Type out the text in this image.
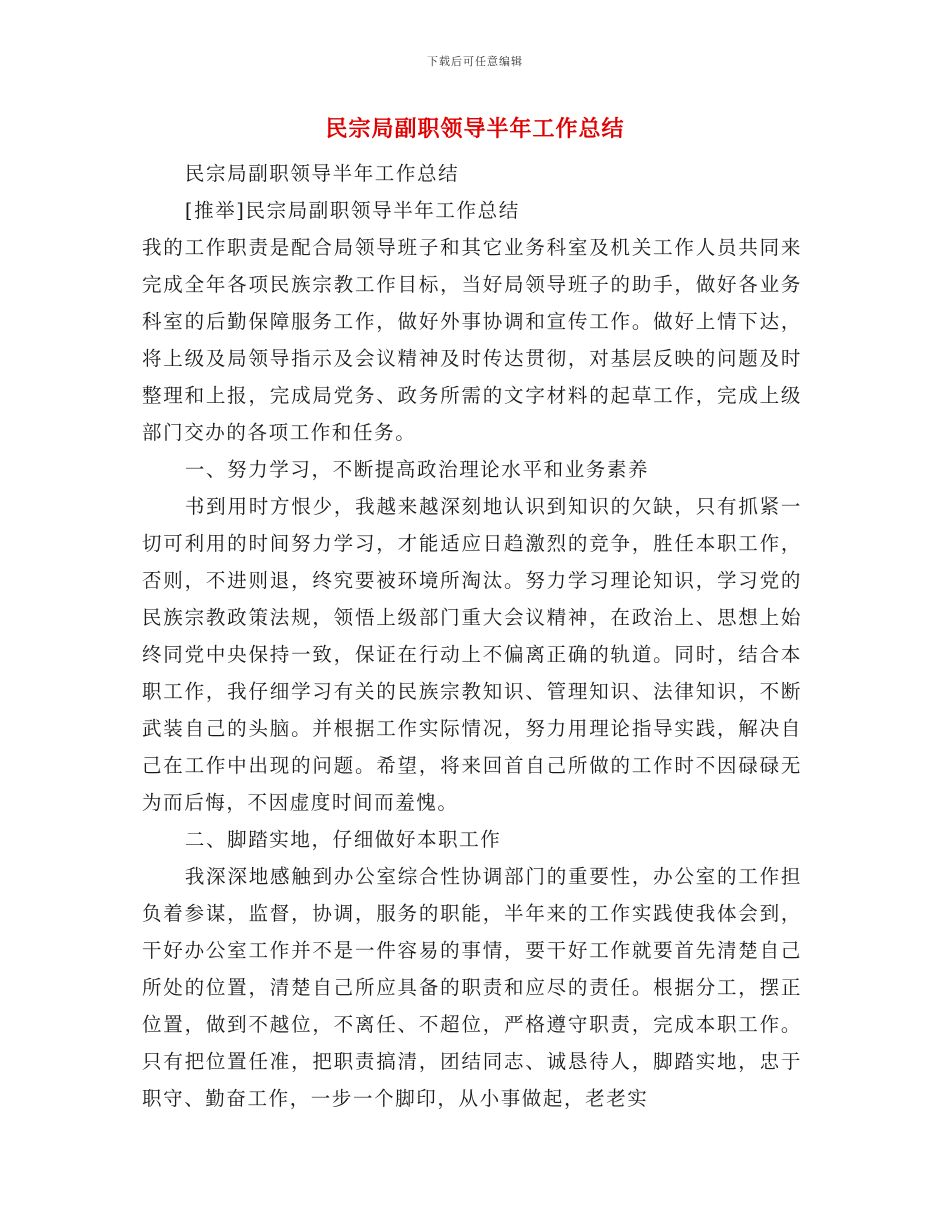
下载后可任意编辑
民宗局副职领导半年工作总结

民宗局副职领导半年工作总结

[推举]民宗局副职领导半年工作总结

我的工作职责是配合局领导班子和其它业务科室及机关工作人员共同来完成全年各项民族宗教工作目标，当好局领导班子的助手，做好各业务科室的后勤保障服务工作，做好外事协调和宣传工作。做好上情下达，将上级及局领导指示及会议精神及时传达贯彻，对基层反映的问题及时整理和上报，完成局党务、政务所需的文字材料的起草工作，完成上级部门交办的各项工作和任务。

一、努力学习，不断提高政治理论水平和业务素养

书到用时方恨少，我越来越深刻地认识到知识的欠缺，只有抓紧一切可利用的时间努力学习，才能适应日趋激烈的竞争，胜任本职工作，否则，不进则退，终究要被环境所淘汰。努力学习理论知识，学习党的民族宗教政策法规，领悟上级部门重大会议精神，在政治上、思想上始终同党中央保持一致，保证在行动上不偏离正确的轨道。同时，结合本职工作，我仔细学习有关的民族宗教知识、管理知识、法律知识，不断武装自己的头脑。并根据工作实际情况，努力用理论指导实践，解决自己在工作中出现的问题。希望，将来回首自己所做的工作时不因碌碌无为而后悔，不因虚度时间而羞愧。

二、脚踏实地，仔细做好本职工作

我深深地感触到办公室综合性协调部门的重要性，办公室的工作担负着参谋，监督，协调，服务的职能，半年来的工作实践使我体会到，干好办公室工作并不是一件容易的事情，要干好工作就要首先清楚自己所处的位置，清楚自己所应具备的职责和应尽的责任。根据分工，摆正位置，做到不越位，不离任、不超位，严格遵守职责，完成本职工作。只有把位置任准，把职责搞清，团结同志、诚恳待人，脚踏实地，忠于职守、勤奋工作，一步一个脚印，从小事做起，老老实
